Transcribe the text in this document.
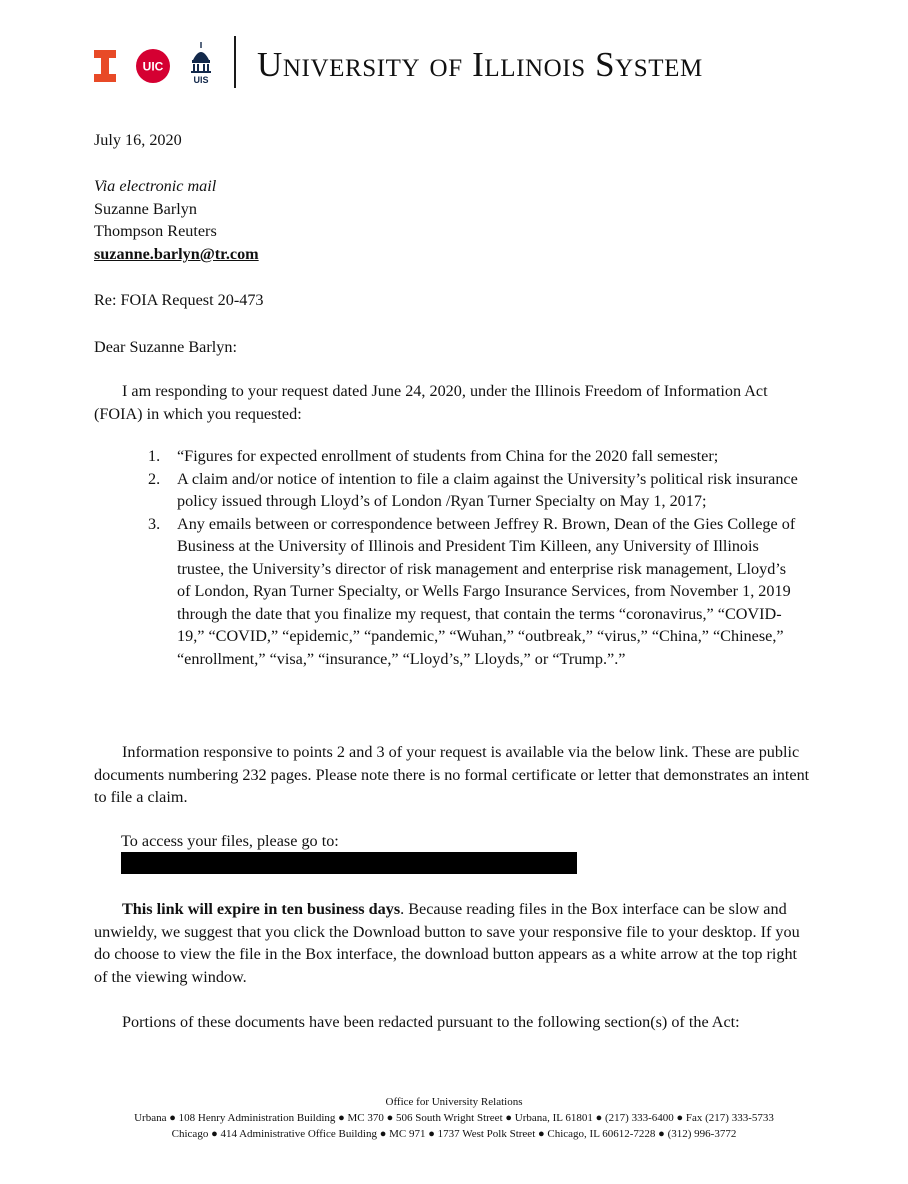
UIC
UIS University of Illinois System
July 16, 2020
Via electronic mail
Suzanne Barlyn
Thompson Reuters
suzanne.barlyn@tr.com
Re: FOIA Request 20-473
Dear Suzanne Barlyn:
I am responding to your request dated June 24, 2020, under the Illinois Freedom of Information Act (FOIA) in which you requested:
1. “Figures for expected enrollment of students from China for the 2020 fall semester;
2. A claim and/or notice of intention to file a claim against the University’s political risk insurance policy issued through Lloyd’s of London /Ryan Turner Specialty on May 1, 2017;
3. Any emails between or correspondence between Jeffrey R. Brown, Dean of the Gies College of Business at the University of Illinois and President Tim Killeen, any University of Illinois trustee, the University’s director of risk management and enterprise risk management, Lloyd’s of London, Ryan Turner Specialty, or Wells Fargo Insurance Services, from November 1, 2019 through the date that you finalize my request, that contain the terms “coronavirus,” “COVID-19,” “COVID,” “epidemic,” “pandemic,” “Wuhan,” “outbreak,” “virus,” “China,” “Chinese,” “enrollment,” “visa,” “insurance,” “Lloyd’s,” Lloyds,” or “Trump.”.”
Information responsive to points 2 and 3 of your request is available via the below link. These are public documents numbering 232 pages. Please note there is no formal certificate or letter that demonstrates an intent to file a claim.
To access your files, please go to:
This link will expire in ten business days. Because reading files in the Box interface can be slow and unwieldy, we suggest that you click the Download button to save your responsive file to your desktop. If you do choose to view the file in the Box interface, the download button appears as a white arrow at the top right of the viewing window.
Portions of these documents have been redacted pursuant to the following section(s) of the Act:
Office for University Relations
Urbana ● 108 Henry Administration Building ● MC 370 ● 506 South Wright Street ● Urbana, IL 61801 ● (217) 333-6400 ● Fax (217) 333-5733
Chicago ● 414 Administrative Office Building ● MC 971 ● 1737 West Polk Street ● Chicago, IL 60612-7228 ● (312) 996-3772
